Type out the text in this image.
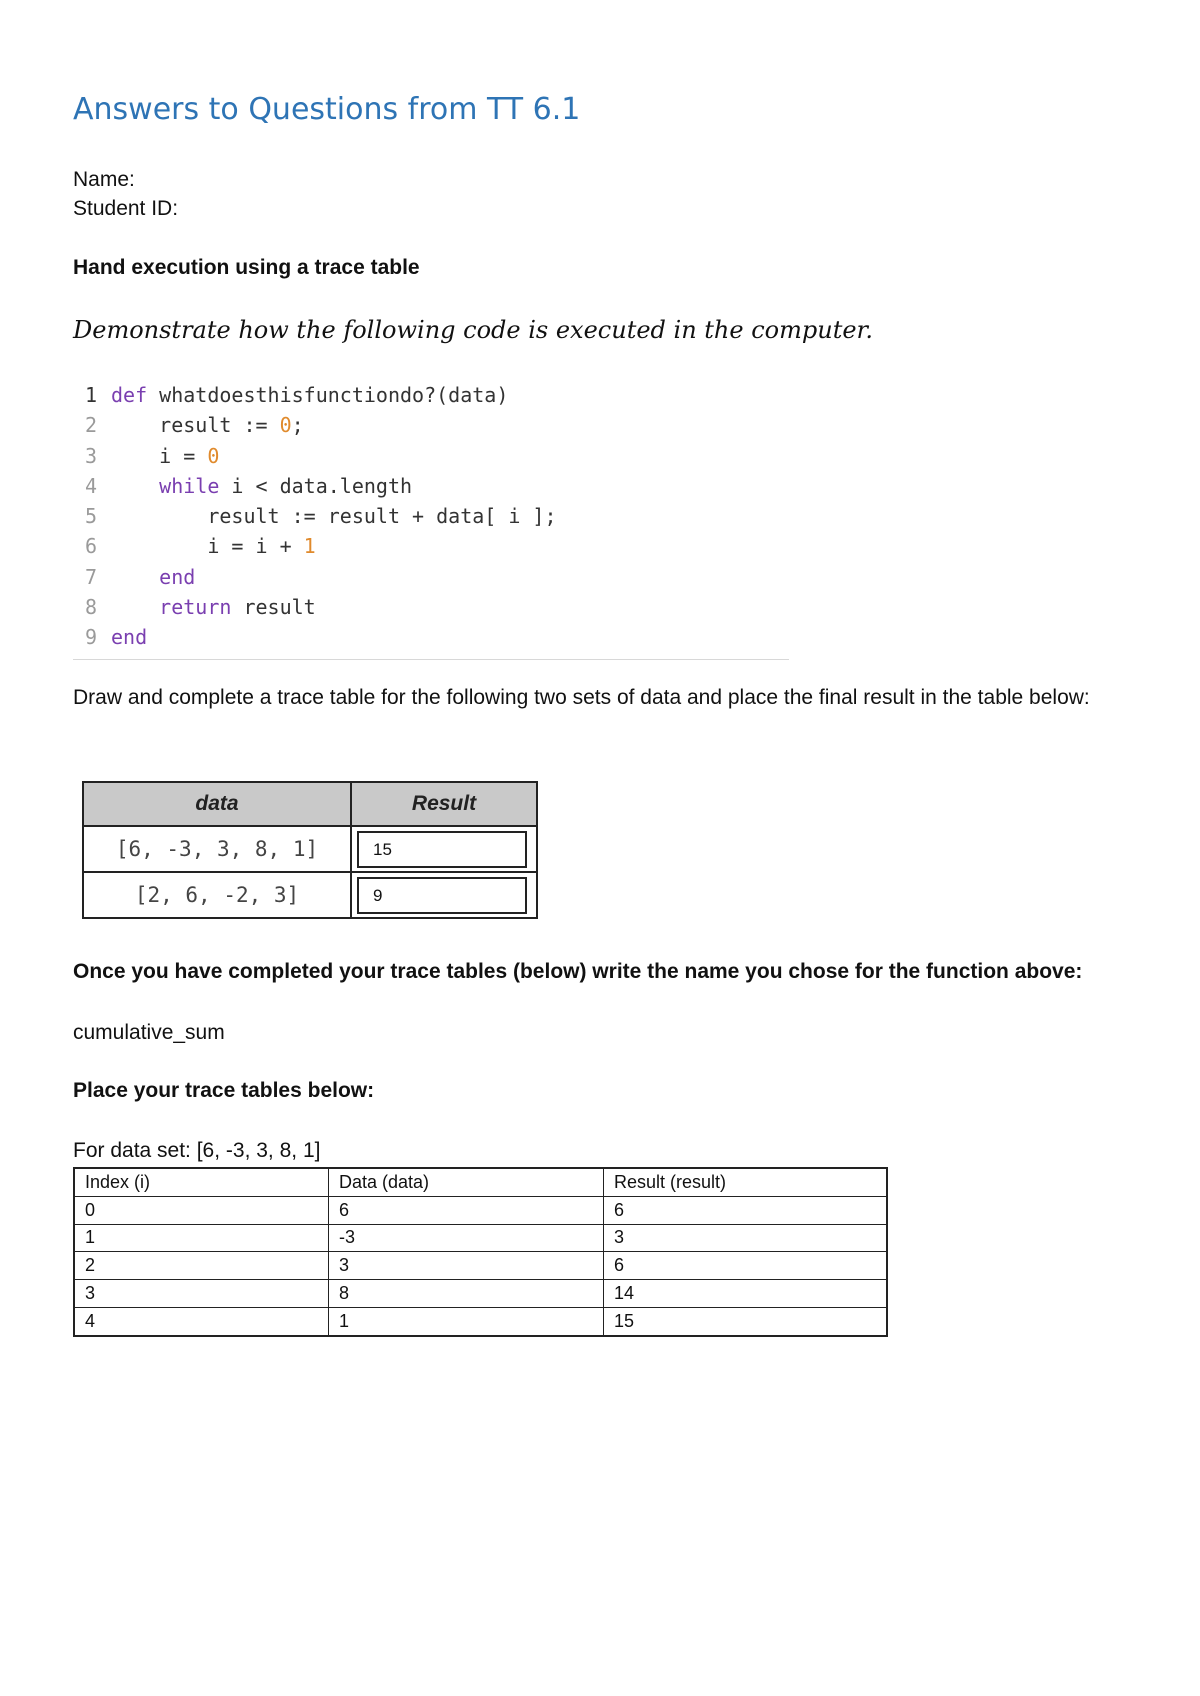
Answers to Questions from TT 6.1
Name:
Student ID:
Hand execution using a trace table
Demonstrate how the following code is executed in the computer.
1 def whatdoesthisfunctiondo?(data)
2    result := 0;
3    i = 0
4	while i < data.length
5        result := result + data[ i ];
6        i = i + 1
7	end
8	return result
9 end
Draw and complete a trace table for the following two sets of data and place the final result in the table below:
data	Result
[6, -3, 3, 8, 1]	15

[2, 6, -2, 3]	9
Once you have completed your trace tables (below) write the name you chose for the function above:
cumulative_sum
Place your trace tables below:
For data set: [6, -3, 3, 8, 1]
Index (i)	Data (data)	Result (result)
0	6	6
1	-3	3
2	3	6
3	8	14
4	1	15
